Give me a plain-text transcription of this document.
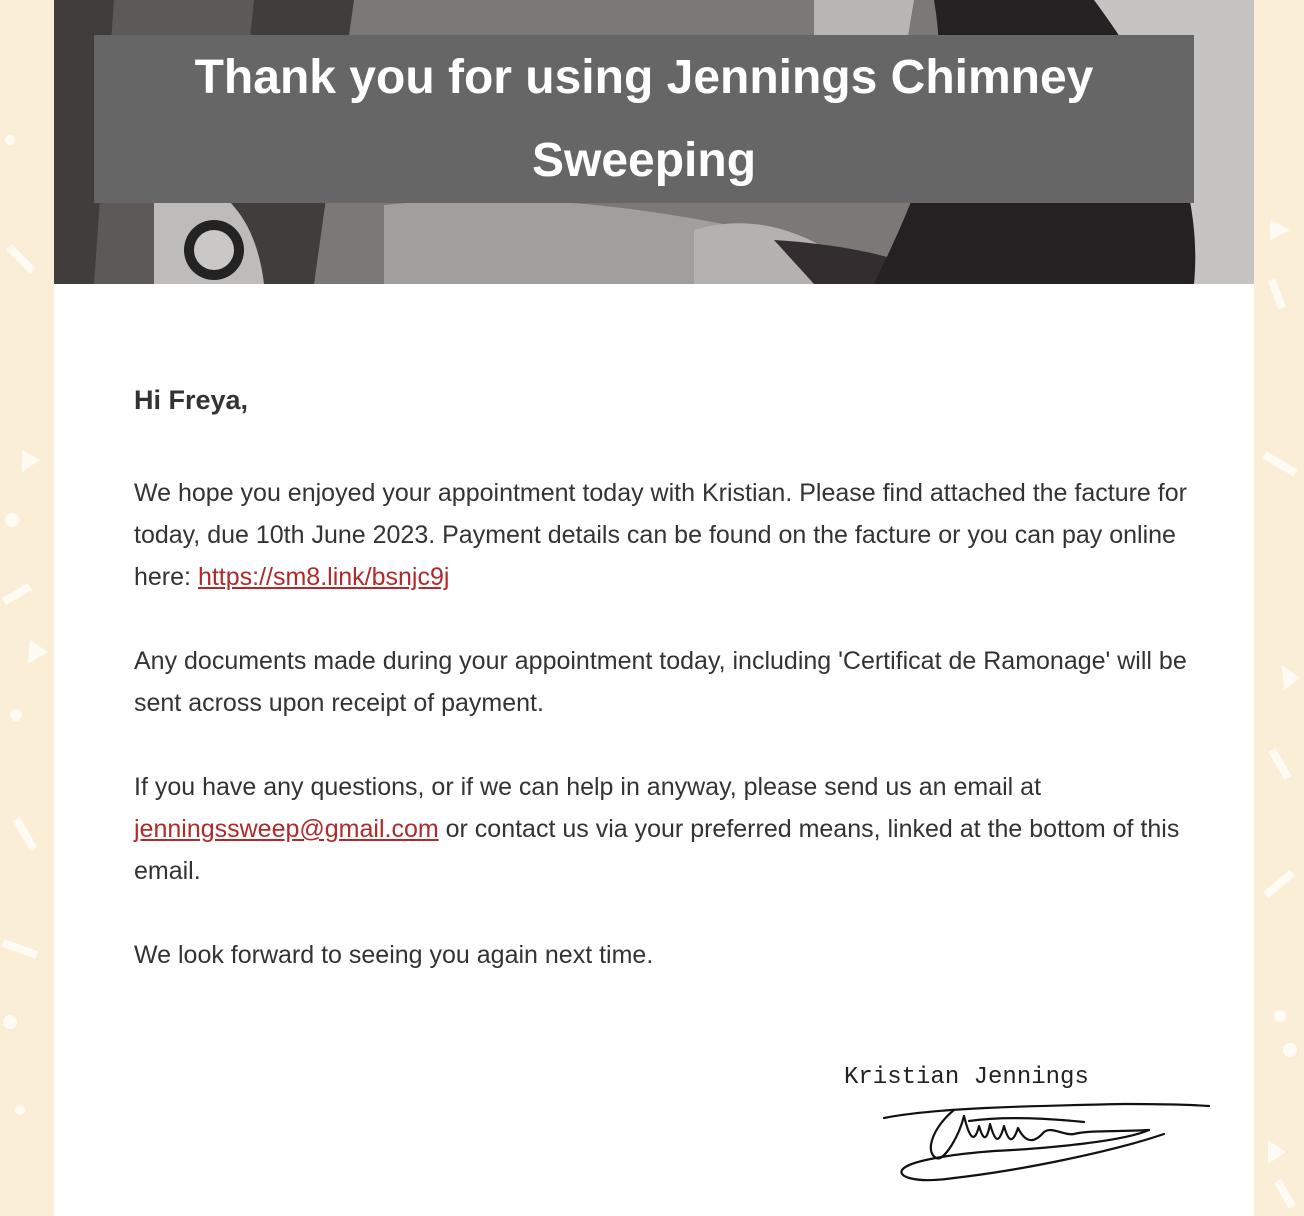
Thank you for using Jennings Chimney Sweeping
Hi Freya,

We hope you enjoyed your appointment today with Kristian. Please find attached the facture for today, due 10th June 2023. Payment details can be found on the facture or you can pay online here: https://sm8.link/bsnjc9j

Any documents made during your appointment today, including 'Certificat de Ramonage' will be sent across upon receipt of payment.

If you have any questions, or if we can help in anyway, please send us an email at jenningssweep@gmail.com or contact us via your preferred means, linked at the bottom of this email.

We look forward to seeing you again next time.

Kristian Jennings
